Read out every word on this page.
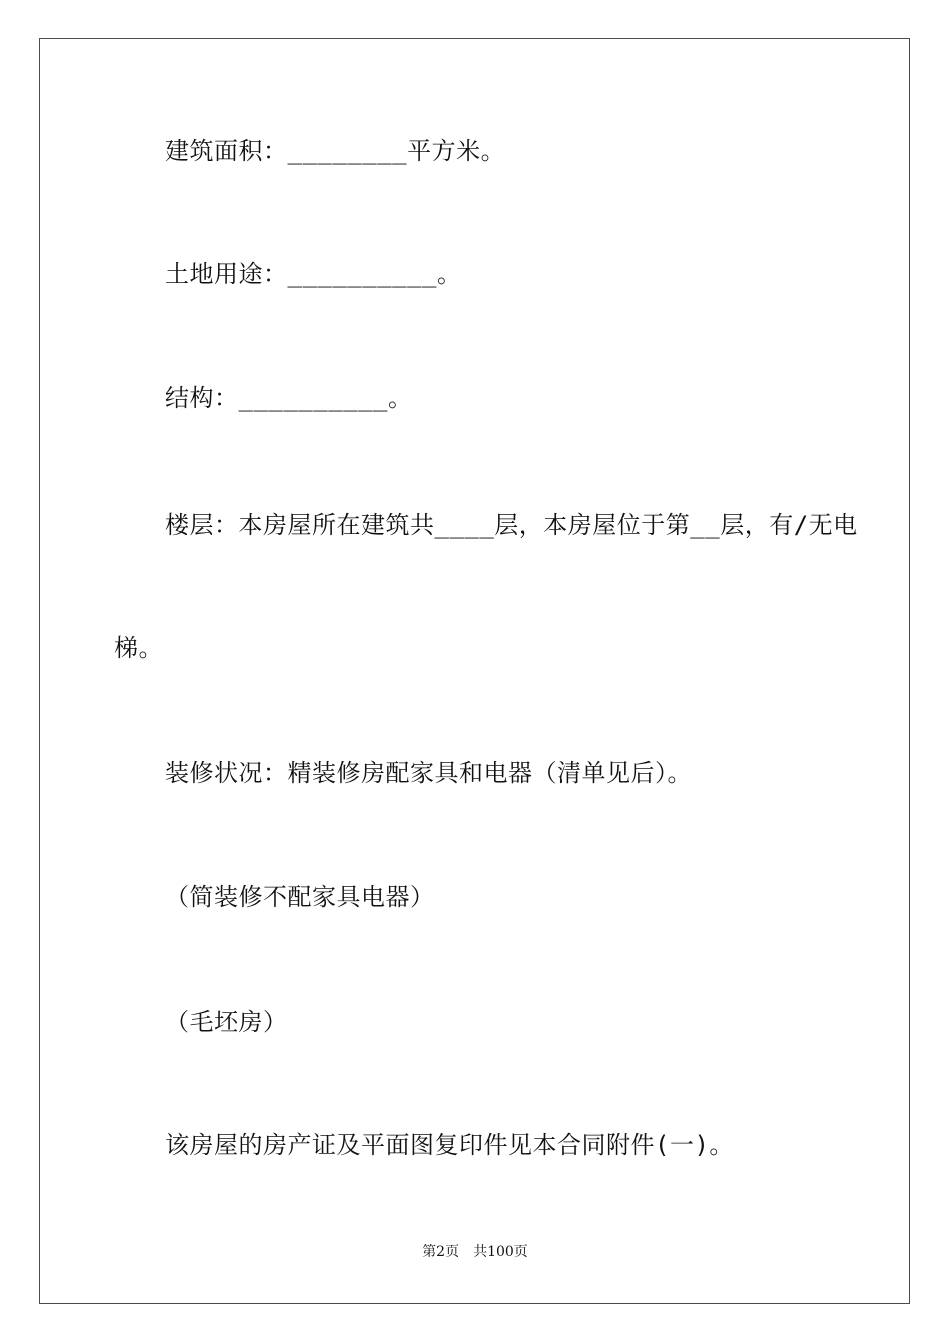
建筑面积：________平方米。
土地用途：__________。
结构：__________。
楼层：本房屋所在建筑共____层，本房屋位于第__层，有/无电
梯。
装修状况：精装修房配家具和电器（清单见后）。
（简装修不配家具电器）
（毛坯房）
该房屋的房产证及平面图复印件见本合同附件(一)。
第2页　共100页
